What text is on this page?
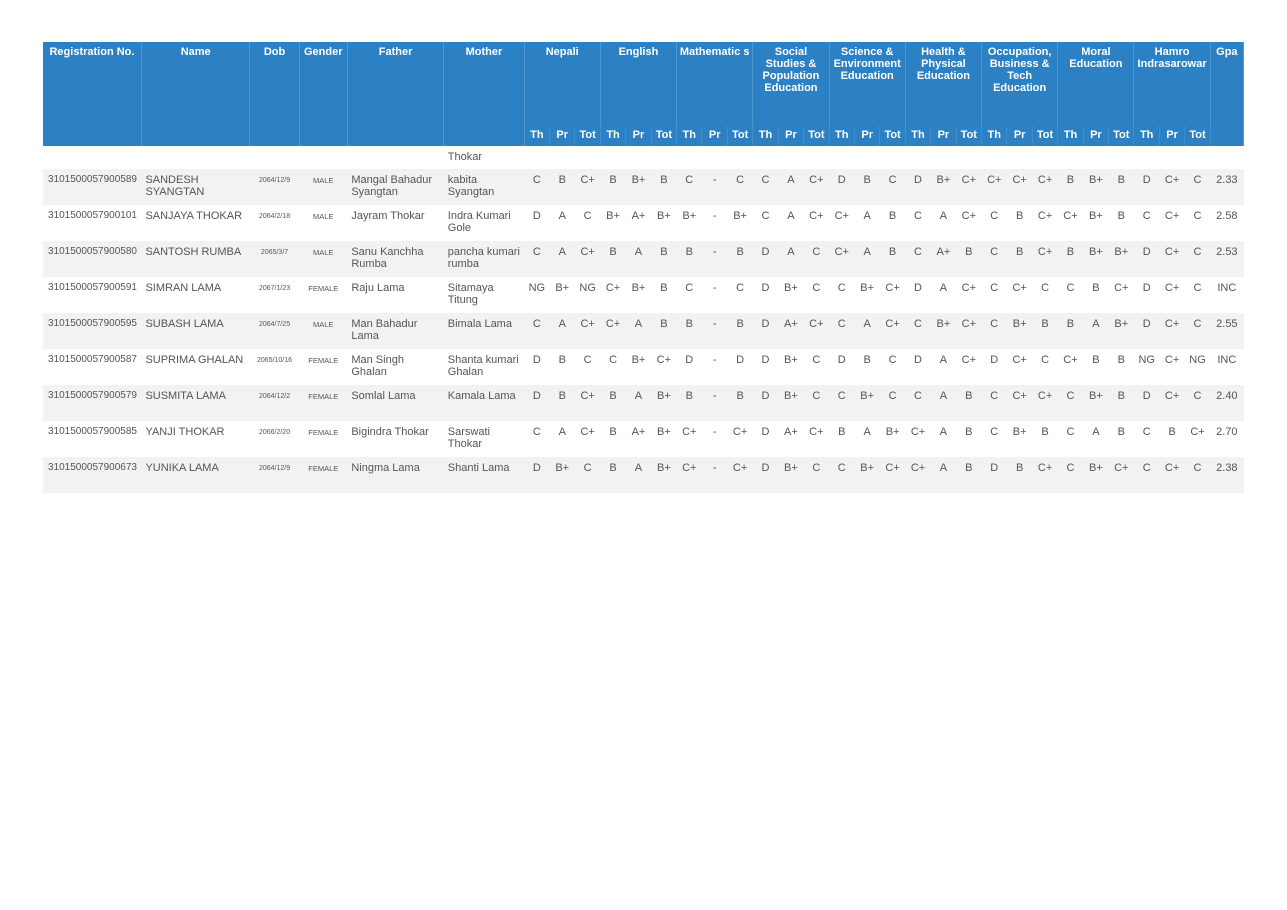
Registration No.	Name	Dob	Gender	Father	Mother	Nepali			English			Mathematic s			Social Studies & Population Education			Science & Environment Education			Health & Physical Education			Occupation, Business & Tech Education			Moral Education			Hamro Indrasarowar			Gpa
						Th	Pr	Tot	Th	Pr	Tot	Th	Pr	Tot	Th	Pr	Tot	Th	Pr	Tot	Th	Pr	Tot	Th	Pr	Tot	Th	Pr	Tot	Th	Pr	Tot	
					Thokar																												
3101500057900589	SANDESH SYANGTAN	2064/12/9	MALE	Mangal Bahadur Syangtan	kabita Syangtan	C	B	C+	B	B+	B	C	-	C	C	A	C+	D	B	C	D	B+	C+	C+	C+	C+	B	B+	B	D	C+	C	2.33
3101500057900101	SANJAYA THOKAR	2064/2/18	MALE	Jayram Thokar	Indra Kumari Gole	D	A	C	B+	A+	B+	B+	-	B+	C	A	C+	C+	A	B	C	A	C+	C	B	C+	C+	B+	B	C	C+	C	2.58
3101500057900580	SANTOSH RUMBA	2065/3/7	MALE	Sanu Kanchha Rumba	pancha kumari rumba	C	A	C+	B	A	B	B	-	B	D	A	C	C+	A	B	C	A+	B	C	B	C+	B	B+	B+	D	C+	C	2.53
3101500057900591	SIMRAN LAMA	2067/1/23	FEMALE	Raju Lama	Sitamaya Titung	NG	B+	NG	C+	B+	B	C	-	C	D	B+	C	C	B+	C+	D	A	C+	C	C+	C	C	B	C+	D	C+	C	INC
3101500057900595	SUBASH LAMA	2064/7/25	MALE	Man Bahadur Lama	Bimala Lama	C	A	C+	C+	A	B	B	-	B	D	A+	C+	C	A	C+	C	B+	C+	C	B+	B	B	A	B+	D	C+	C	2.55
3101500057900587	SUPRIMA GHALAN	2065/10/16	FEMALE	Man Singh Ghalan	Shanta kumari Ghalan	D	B	C	C	B+	C+	D	-	D	D	B+	C	D	B	C	D	A	C+	D	C+	C	C+	B	B	NG	C+	NG	INC
3101500057900579	SUSMITA LAMA	2064/12/2	FEMALE	Somlal Lama	Kamala Lama	D	B	C+	B	A	B+	B	-	B	D	B+	C	C	B+	C	C	A	B	C	C+	C+	C	B+	B	D	C+	C	2.40
3101500057900585	YANJI THOKAR	2066/2/20	FEMALE	Bigindra Thokar	Sarswati Thokar	C	A	C+	B	A+	B+	C+	-	C+	D	A+	C+	B	A	B+	C+	A	B	C	B+	B	C	A	B	C	B	C+	2.70
3101500057900673	YUNIKA LAMA	2064/12/9	FEMALE	Ningma Lama	Shanti Lama	D	B+	C	B	A	B+	C+	-	C+	D	B+	C	C	B+	C+	C+	A	B	D	B	C+	C	B+	C+	C	C+	C	2.38
